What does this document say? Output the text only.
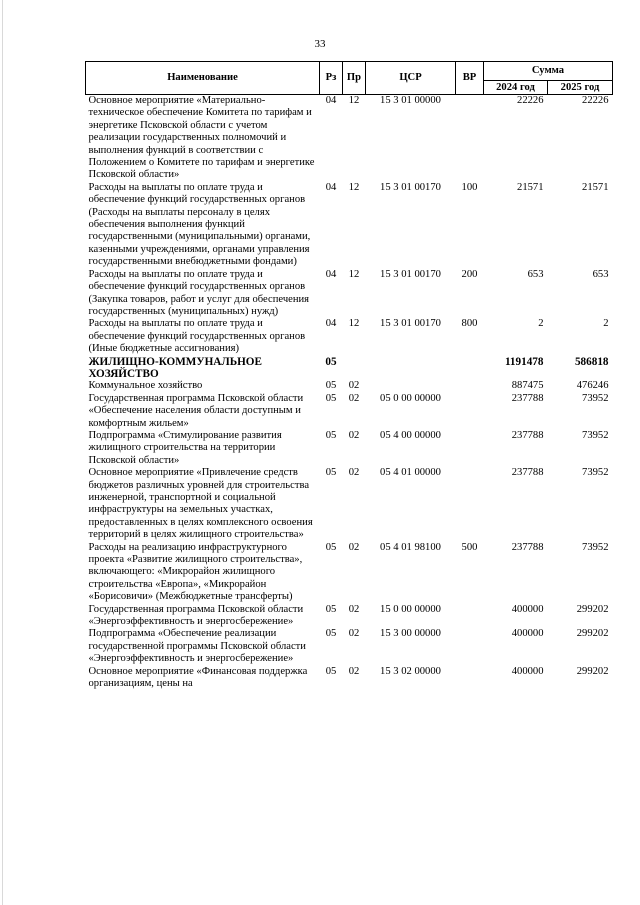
33
Наименование	Рз	Пр	ЦСР	ВР	Сумма	
					2024 год	2025 год
Основное мероприятие «Материально-техническое обеспечение Комитета по тарифам и энергетике Псковской области с учетом реализации государственных полномочий и выполнения функций в соответствии с Положением о Комитете по тарифам и энергетике Псковской области»	04	12	15 3 01 00000		22226	22226
Расходы на выплаты по оплате труда и обеспечение функций государственных органов (Расходы на выплаты персоналу в целях обеспечения выполнения функций государственными (муниципальными) органами, казенными учреждениями, органами управления государственными внебюджетными фондами)	04	12	15 3 01 00170	100	21571	21571
Расходы на выплаты по оплате труда и обеспечение функций государственных органов (Закупка товаров, работ и услуг для обеспечения государственных (муниципальных) нужд)	04	12	15 3 01 00170	200	653	653
Расходы на выплаты по оплате труда и обеспечение функций государственных органов (Иные бюджетные ассигнования)	04	12	15 3 01 00170	800	2	2
ЖИЛИЩНО-КОММУНАЛЬНОЕ ХОЗЯЙСТВО	05				1191478	586818
Коммунальное хозяйство	05	02			887475	476246
Государственная программа Псковской области «Обеспечение населения области доступным и комфортным жильем»	05	02	05 0 00 00000		237788	73952
Подпрограмма «Стимулирование развития жилищного строительства на территории Псковской области»	05	02	05 4 00 00000		237788	73952
Основное мероприятие «Привлечение средств бюджетов различных уровней для строительства инженерной, транспортной и социальной инфраструктуры на земельных участках, предоставленных в целях комплексного освоения территорий в целях жилищного строительства»	05	02	05 4 01 00000		237788	73952
Расходы на реализацию инфраструктурного проекта «Развитие жилищного строительства», включающего: «Микрорайон жилищного строительства «Европа», «Микрорайон «Борисовичи» (Межбюджетные трансферты)	05	02	05 4 01 98100	500	237788	73952
Государственная программа Псковской области «Энергоэффективность и энергосбережение»	05	02	15 0 00 00000		400000	299202
Подпрограмма «Обеспечение реализации государственной программы Псковской области «Энергоэффективность и энергосбережение»	05	02	15 3 00 00000		400000	299202
Основное мероприятие «Финансовая поддержка организациям, цены на	05	02	15 3 02 00000		400000	299202
